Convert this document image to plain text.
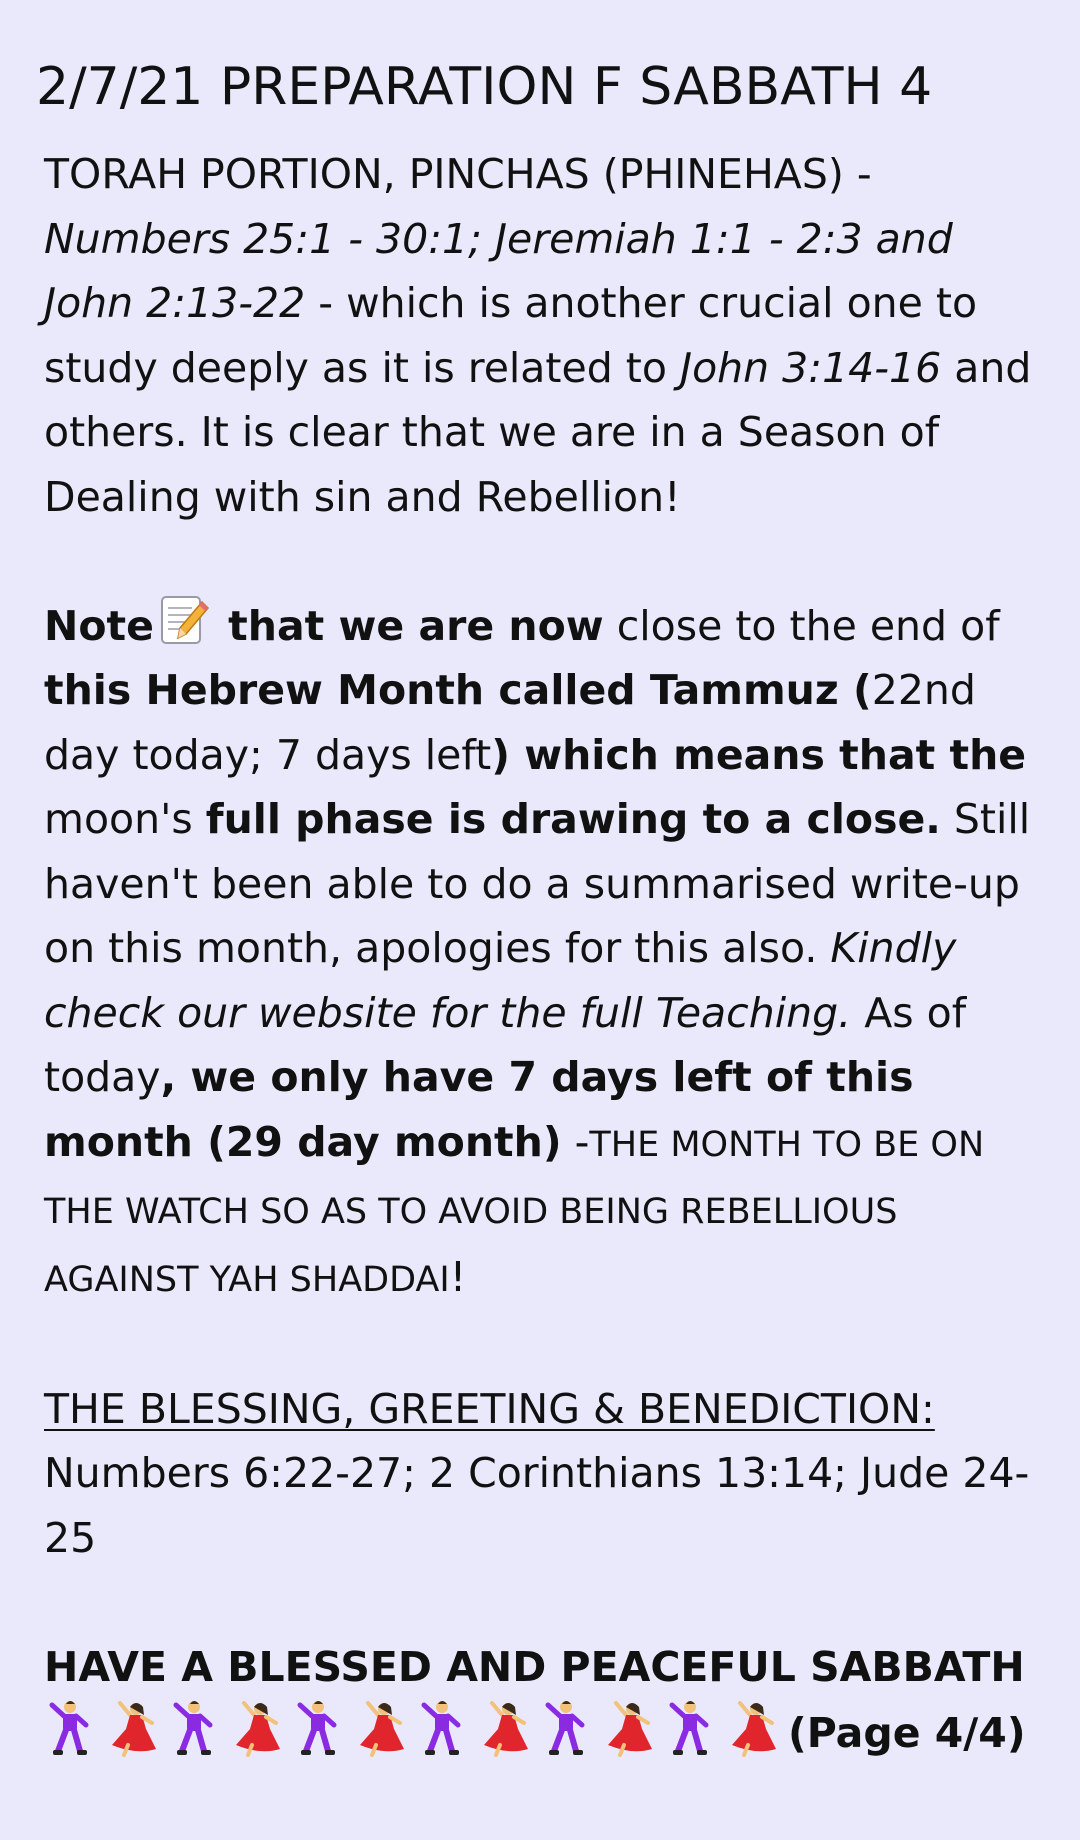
2/7/21 PREPARATION F SABBATH 4

TORAH PORTION, PINCHAS (PHINEHAS) -
Numbers 25:1 - 30:1; Jeremiah 1:1 - 2:3 and
John 2:13-22 - which is another crucial one to study deeply as it is related to John 3:14-16 and others. It is clear that we are in a Season of Dealing with sin and Rebellion!

Note that we are now close to the end of this Hebrew Month called Tammuz (22nd day today; 7 days left) which means that the moon's full phase is drawing to a close. Still haven't been able to do a summarised write-up on this month, apologies for this also. Kindly check our website for the full Teaching. As of today, we only have 7 days left of this month (29 day month) -THE MONTH TO BE ON THE WATCH SO AS TO AVOID BEING REBELLIOUS AGAINST YAH SHADDAI!

THE BLESSING, GREETING & BENEDICTION:
Numbers 6:22-27; 2 Corinthians 13:14; Jude 24-25

HAVE A BLESSED AND PEACEFUL SABBATH

(Page 4/4)
